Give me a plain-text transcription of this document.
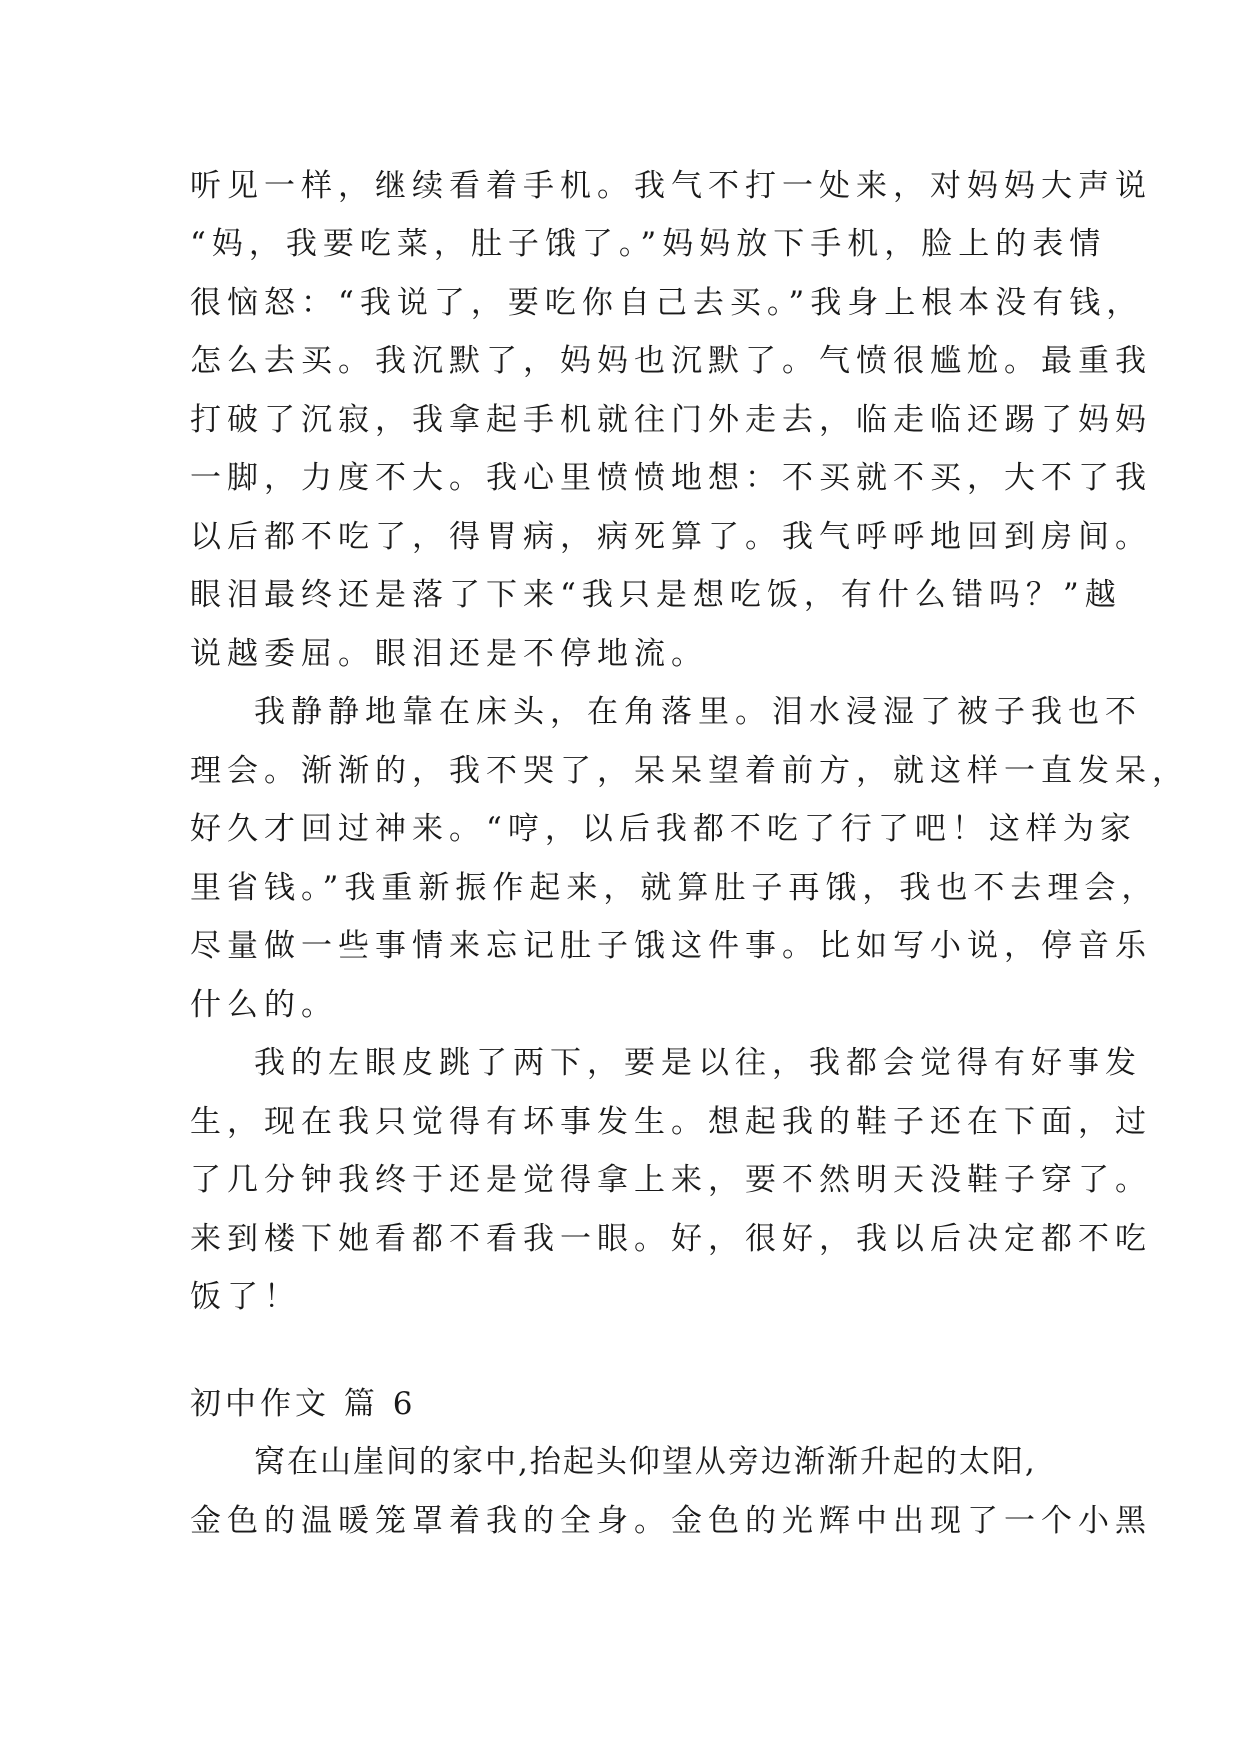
听见一样，继续看着手机。我气不打一处来，对妈妈大声说
“妈，我要吃菜，肚子饿了。”妈妈放下手机，脸上的表情
很恼怒：“我说了，要吃你自己去买。”我身上根本没有钱，
怎么去买。我沉默了，妈妈也沉默了。气愤很尴尬。最重我
打破了沉寂，我拿起手机就往门外走去，临走临还踢了妈妈
一脚，力度不大。我心里愤愤地想：不买就不买，大不了我
以后都不吃了，得胃病，病死算了。我气呼呼地回到房间。
眼泪最终还是落了下来“我只是想吃饭，有什么错吗？”越
说越委屈。眼泪还是不停地流。
我静静地靠在床头，在角落里。泪水浸湿了被子我也不
理会。渐渐的，我不哭了，呆呆望着前方，就这样一直发呆，
好久才回过神来。“哼，以后我都不吃了行了吧！这样为家
里省钱。”我重新振作起来，就算肚子再饿，我也不去理会，
尽量做一些事情来忘记肚子饿这件事。比如写小说，停音乐
什么的。
我的左眼皮跳了两下，要是以往，我都会觉得有好事发
生，现在我只觉得有坏事发生。想起我的鞋子还在下面，过
了几分钟我终于还是觉得拿上来，要不然明天没鞋子穿了。
来到楼下她看都不看我一眼。好，很好，我以后决定都不吃
饭了！
初中作文 篇 6
窝在山崖间的家中,抬起头仰望从旁边渐渐升起的太阳,
金色的温暖笼罩着我的全身。金色的光辉中出现了一个小黑
